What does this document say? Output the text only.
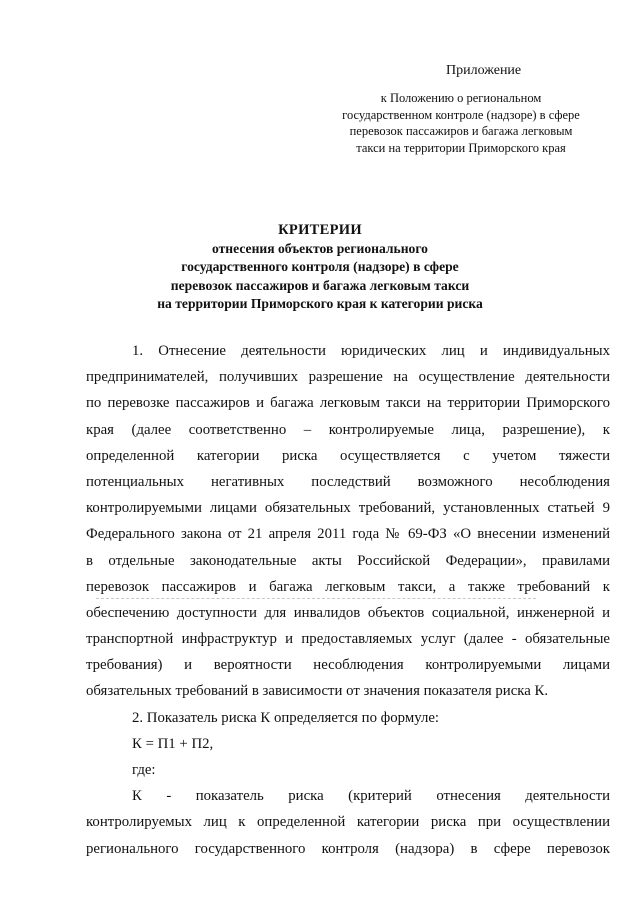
Приложение
к Положению о региональном
государственном контроле (надзоре) в сфере
перевозок пассажиров и багажа легковым
такси на территории Приморского края
КРИТЕРИИ
отнесения объектов регионального
государственного контроля (надзоре) в сфере
перевозок пассажиров и багажа легковым такси
на территории Приморского края к категории риска
1. Отнесение деятельности юридических лиц и индивидуальных
предпринимателей, получивших разрешение на осуществление деятельности
по перевозке пассажиров и багажа легковым такси на территории Приморского
края (далее соответственно – контролируемые лица, разрешение), к
определенной категории риска осуществляется с учетом тяжести
потенциальных негативных последствий возможного несоблюдения
контролируемыми лицами обязательных требований, установленных статьей 9
Федерального закона от 21 апреля 2011 года № 69-ФЗ «О внесении изменений
в отдельные законодательные акты Российской Федерации», правилами
перевозок пассажиров и багажа легковым такси, а также требований к
обеспечению доступности для инвалидов объектов социальной, инженерной и
транспортной инфраструктур и предоставляемых услуг (далее - обязательные
требования) и вероятности несоблюдения контролируемыми лицами
обязательных требований в зависимости от значения показателя риска К.
2. Показатель риска К определяется по формуле:
К = П1 + П2,
где:
К - показатель риска (критерий отнесения деятельности
контролируемых лиц к определенной категории риска при осуществлении
регионального государственного контроля (надзора) в сфере перевозок
